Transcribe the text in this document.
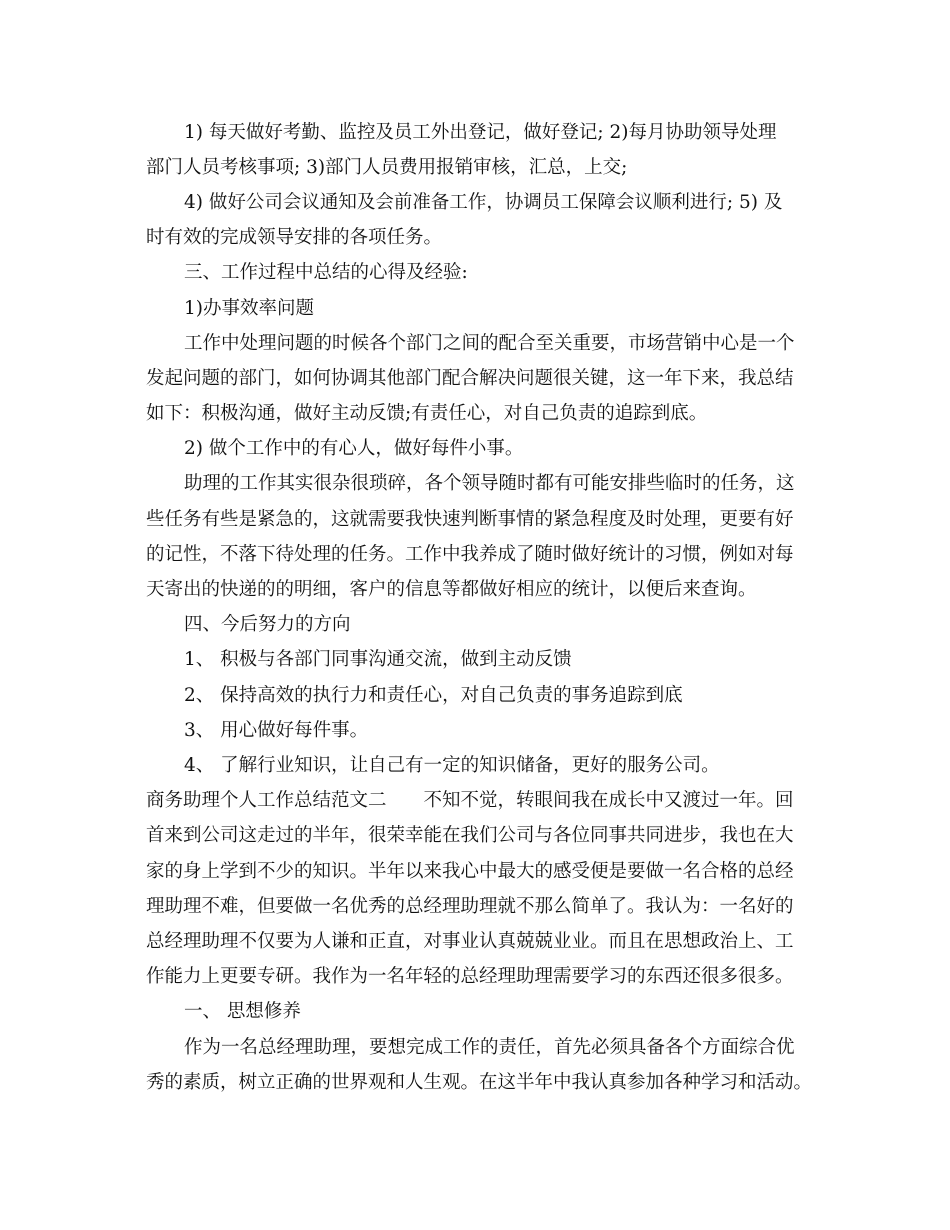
1) 每天做好考勤、监控及员工外出登记，做好登记; 2)每月协助领导处理
部门人员考核事项; 3)部门人员费用报销审核，汇总，上交;
4) 做好公司会议通知及会前准备工作，协调员工保障会议顺利进行; 5) 及
时有效的完成领导安排的各项任务。
三、工作过程中总结的心得及经验:
1)办事效率问题
工作中处理问题的时候各个部门之间的配合至关重要，市场营销中心是一个
发起问题的部门，如何协调其他部门配合解决问题很关键，这一年下来，我总结
如下：积极沟通，做好主动反馈;有责任心，对自己负责的追踪到底。
2) 做个工作中的有心人，做好每件小事。
助理的工作其实很杂很琐碎，各个领导随时都有可能安排些临时的任务，这
些任务有些是紧急的，这就需要我快速判断事情的紧急程度及时处理，更要有好
的记性，不落下待处理的任务。工作中我养成了随时做好统计的习惯，例如对每
天寄出的快递的的明细，客户的信息等都做好相应的统计，以便后来查询。
四、今后努力的方向
1、 积极与各部门同事沟通交流，做到主动反馈
2、 保持高效的执行力和责任心，对自己负责的事务追踪到底
3、 用心做好每件事。
4、 了解行业知识，让自己有一定的知识储备，更好的服务公司。
商务助理个人工作总结范文二　　不知不觉，转眼间我在成长中又渡过一年。回
首来到公司这走过的半年，很荣幸能在我们公司与各位同事共同进步，我也在大
家的身上学到不少的知识。半年以来我心中最大的感受便是要做一名合格的总经
理助理不难，但要做一名优秀的总经理助理就不那么简单了。我认为：一名好的
总经理助理不仅要为人谦和正直，对事业认真兢兢业业。而且在思想政治上、工
作能力上更要专研。我作为一名年轻的总经理助理需要学习的东西还很多很多。
一、 思想修养
作为一名总经理助理，要想完成工作的责任，首先必须具备各个方面综合优
秀的素质，树立正确的世界观和人生观。在这半年中我认真参加各种学习和活动。
